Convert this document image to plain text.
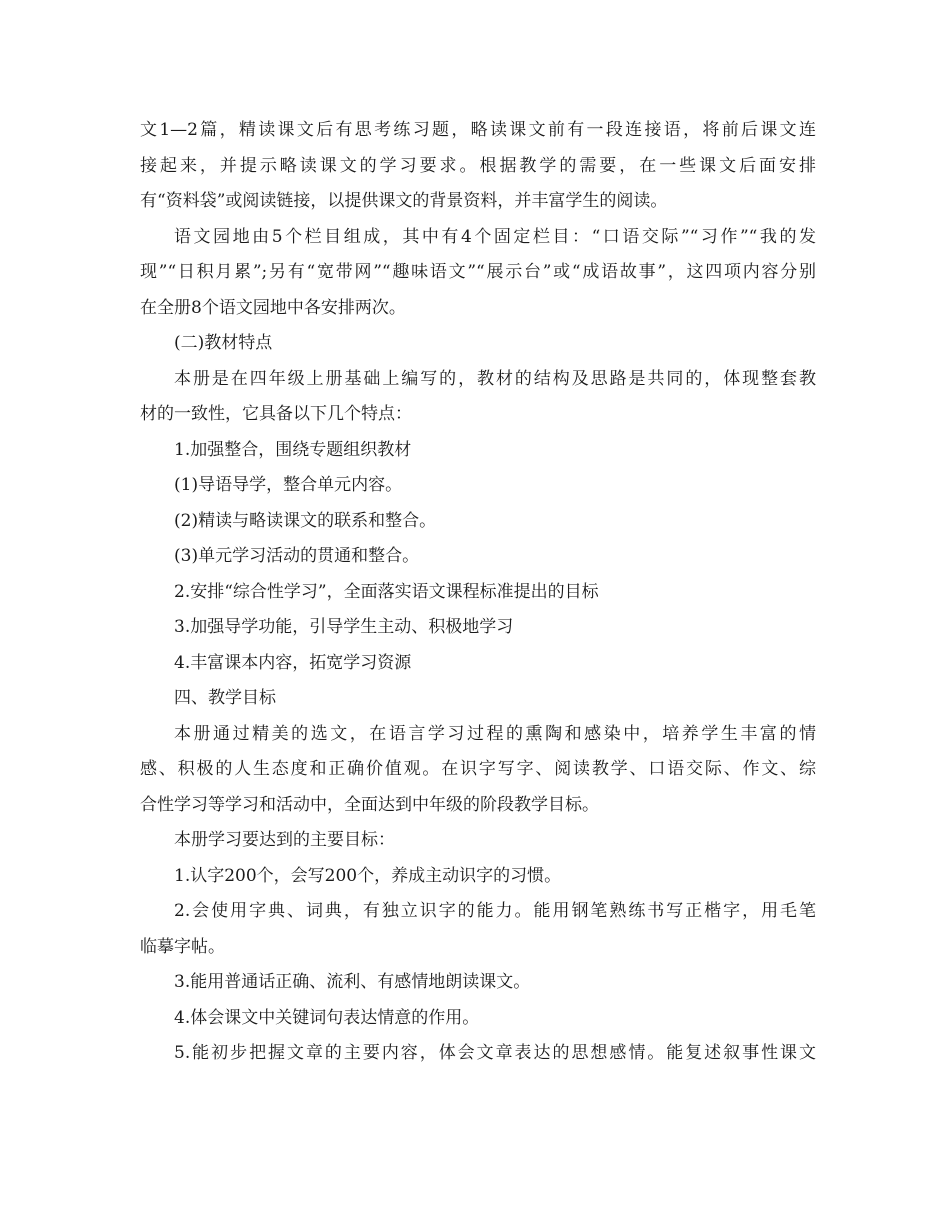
文1—2篇，精读课文后有思考练习题，略读课文前有一段连接语，将前后课文连
接起来，并提示略读课文的学习要求。根据教学的需要，在一些课文后面安排
有“资料袋”或阅读链接，以提供课文的背景资料，并丰富学生的阅读。
语文园地由5个栏目组成，其中有4个固定栏目：“口语交际”“习作”“我的发
现”“日积月累”;另有“宽带网”“趣味语文”“展示台”或“成语故事”，这四项内容分别
在全册8个语文园地中各安排两次。
(二)教材特点
本册是在四年级上册基础上编写的，教材的结构及思路是共同的，体现整套教
材的一致性，它具备以下几个特点：
1.加强整合，围绕专题组织教材
(1)导语导学，整合单元内容。
(2)精读与略读课文的联系和整合。
(3)单元学习活动的贯通和整合。
2.安排“综合性学习”，全面落实语文课程标准提出的目标
3.加强导学功能，引导学生主动、积极地学习
4.丰富课本内容，拓宽学习资源
四、教学目标
本册通过精美的选文，在语言学习过程的熏陶和感染中，培养学生丰富的情
感、积极的人生态度和正确价值观。在识字写字、阅读教学、口语交际、作文、综
合性学习等学习和活动中，全面达到中年级的阶段教学目标。
本册学习要达到的主要目标：
1.认字200个，会写200个，养成主动识字的习惯。
2.会使用字典、词典，有独立识字的能力。能用钢笔熟练书写正楷字，用毛笔
临摹字帖。
3.能用普通话正确、流利、有感情地朗读课文。
4.体会课文中关键词句表达情意的作用。
5.能初步把握文章的主要内容，体会文章表达的思想感情。能复述叙事性课文
